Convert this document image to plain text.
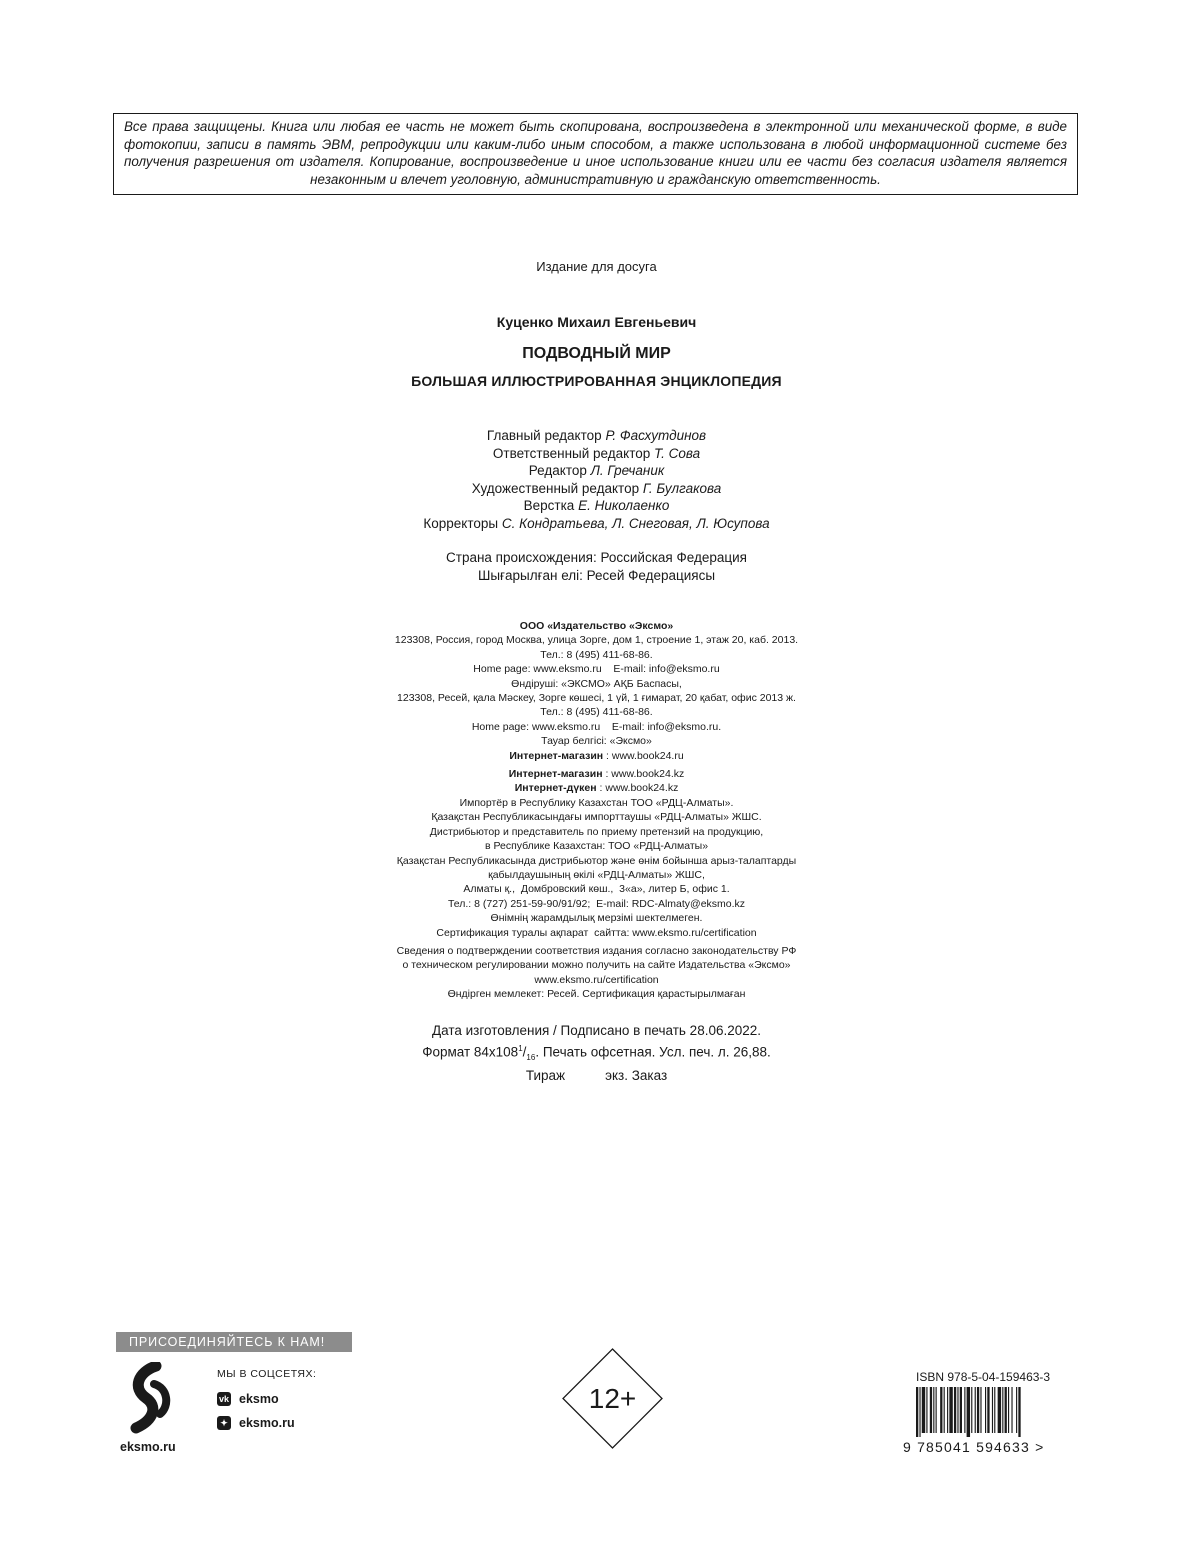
Все права защищены. Книга или любая ее часть не может быть скопирована, воспроизведена в электронной или механической форме, в виде фотокопии, записи в память ЭВМ, репродукции или каким-либо иным способом, а также использована в любой информационной системе без получения разрешения от издателя. Копирование, воспроизведение и иное использование книги или ее части без согласия издателя является незаконным и влечет уголовную, административную и гражданскую ответственность.
Издание для досуга
Куценко Михаил Евгеньевич
ПОДВОДНЫЙ МИР
БОЛЬШАЯ ИЛЛЮСТРИРОВАННАЯ ЭНЦИКЛОПЕДИЯ
Главный редактор Р. Фасхутдинов
Ответственный редактор Т. Сова
Редактор Л. Гречаник
Художественный редактор Г. Булгакова
Верстка Е. Николаенко
Корректоры С. Кондратьева, Л. Снеговая, Л. Юсупова
Страна происхождения: Российская Федерация
Шығарылған елі: Ресей Федерациясы
ООО «Издательство «Эксмо»
123308, Россия, город Москва, улица Зорге, дом 1, строение 1, этаж 20, каб. 2013.
Тел.: 8 (495) 411-68-86.
Home page: www.eksmo.ru    E-mail: info@eksmo.ru
Өндіруші: «ЭКСМО» АҚБ Баспасы,
123308, Ресей, қала Мәскеу, Зорге көшесі, 1 үй, 1 ғимарат, 20 қабат, офис 2013 ж.
Тел.: 8 (495) 411-68-86.
Home page: www.eksmo.ru    E-mail: info@eksmo.ru.
Тауар белгісі: «Эксмо»
Интернет-магазин : www.book24.ru
Интернет-магазин : www.book24.kz
Интернет-дүкен : www.book24.kz
Импортёр в Республику Казахстан ТОО «РДЦ-Алматы».
Қазақстан Республикасындағы импорттаушы «РДЦ-Алматы» ЖШС.
Дистрибьютор и представитель по приему претензий на продукцию,
в Республике Казахстан: ТОО «РДЦ-Алматы»
Қазақстан Республикасында дистрибьютор және өнім бойынша арыз-талаптарды
қабылдаушының өкілі «РДЦ-Алматы» ЖШС,
Алматы қ.,  Домбровский көш.,  3«а», литер Б, офис 1.
Тел.: 8 (727) 251-59-90/91/92;  E-mail: RDC-Almaty@eksmo.kz
Өнімнің жарамдылық мерзімі шектелмеген.
Сертификация туралы ақпарат  сайтта: www.eksmo.ru/certification
Сведения о подтверждении соответствия издания согласно законодательству РФ
о техническом регулировании можно получить на сайте Издательства «Эксмо»
www.eksmo.ru/certification
Өндірген мемлекет: Ресей. Сертификация қарастырылмаған
Дата изготовления / Подписано в печать 28.06.2022.
Формат $84x108^1/_{16}$. Печать офсетная. Усл. печ. л. 26,88.
Тираж	экз. Заказ
ПРИСОЕДИНЯЙТЕСЬ К НАМ!
eksmo.ru
МЫ В СОЦСЕТЯХ:
vk eksmo
✦ eksmo.ru
12+
ISBN 978-5-04-159463-3
9 785041 594633 >
